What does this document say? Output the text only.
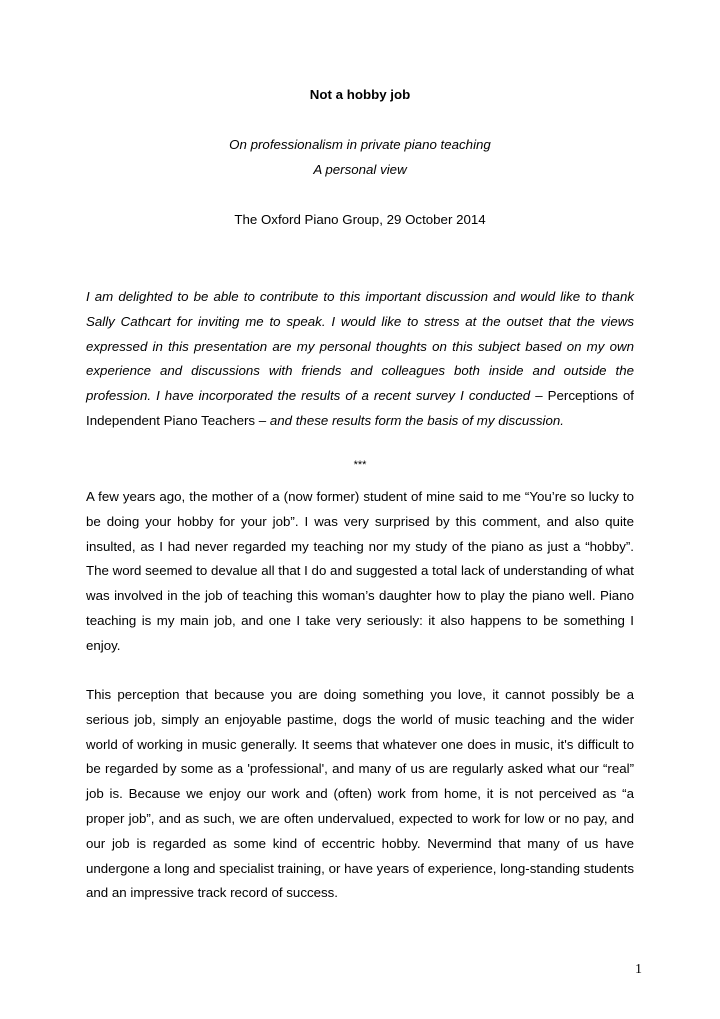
Not a hobby job
On professionalism in private piano teaching
A personal view
The Oxford Piano Group, 29 October 2014
I am delighted to be able to contribute to this important discussion and would like to thank Sally Cathcart for inviting me to speak. I would like to stress at the outset that the views expressed in this presentation are my personal thoughts on this subject based on my own experience and discussions with friends and colleagues both inside and outside the profession. I have incorporated the results of a recent survey I conducted – Perceptions of Independent Piano Teachers – and these results form the basis of my discussion.
***
A few years ago, the mother of a (now former) student of mine said to me “You’re so lucky to be doing your hobby for your job”. I was very surprised by this comment, and also quite insulted, as I had never regarded my teaching nor my study of the piano as just a “hobby”. The word seemed to devalue all that I do and suggested a total lack of understanding of what was involved in the job of teaching this woman’s daughter how to play the piano well. Piano teaching is my main job, and one I take very seriously: it also happens to be something I enjoy.
This perception that because you are doing something you love, it cannot possibly be a serious job, simply an enjoyable pastime, dogs the world of music teaching and the wider world of working in music generally. It seems that whatever one does in music, it's difficult to be regarded by some as a 'professional', and many of us are regularly asked what our “real” job is. Because we enjoy our work and (often) work from home, it is not perceived as “a proper job”, and as such, we are often undervalued, expected to work for low or no pay, and our job is regarded as some kind of eccentric hobby. Nevermind that many of us have undergone a long and specialist training, or have years of experience, long-standing students and an impressive track record of success.
1
